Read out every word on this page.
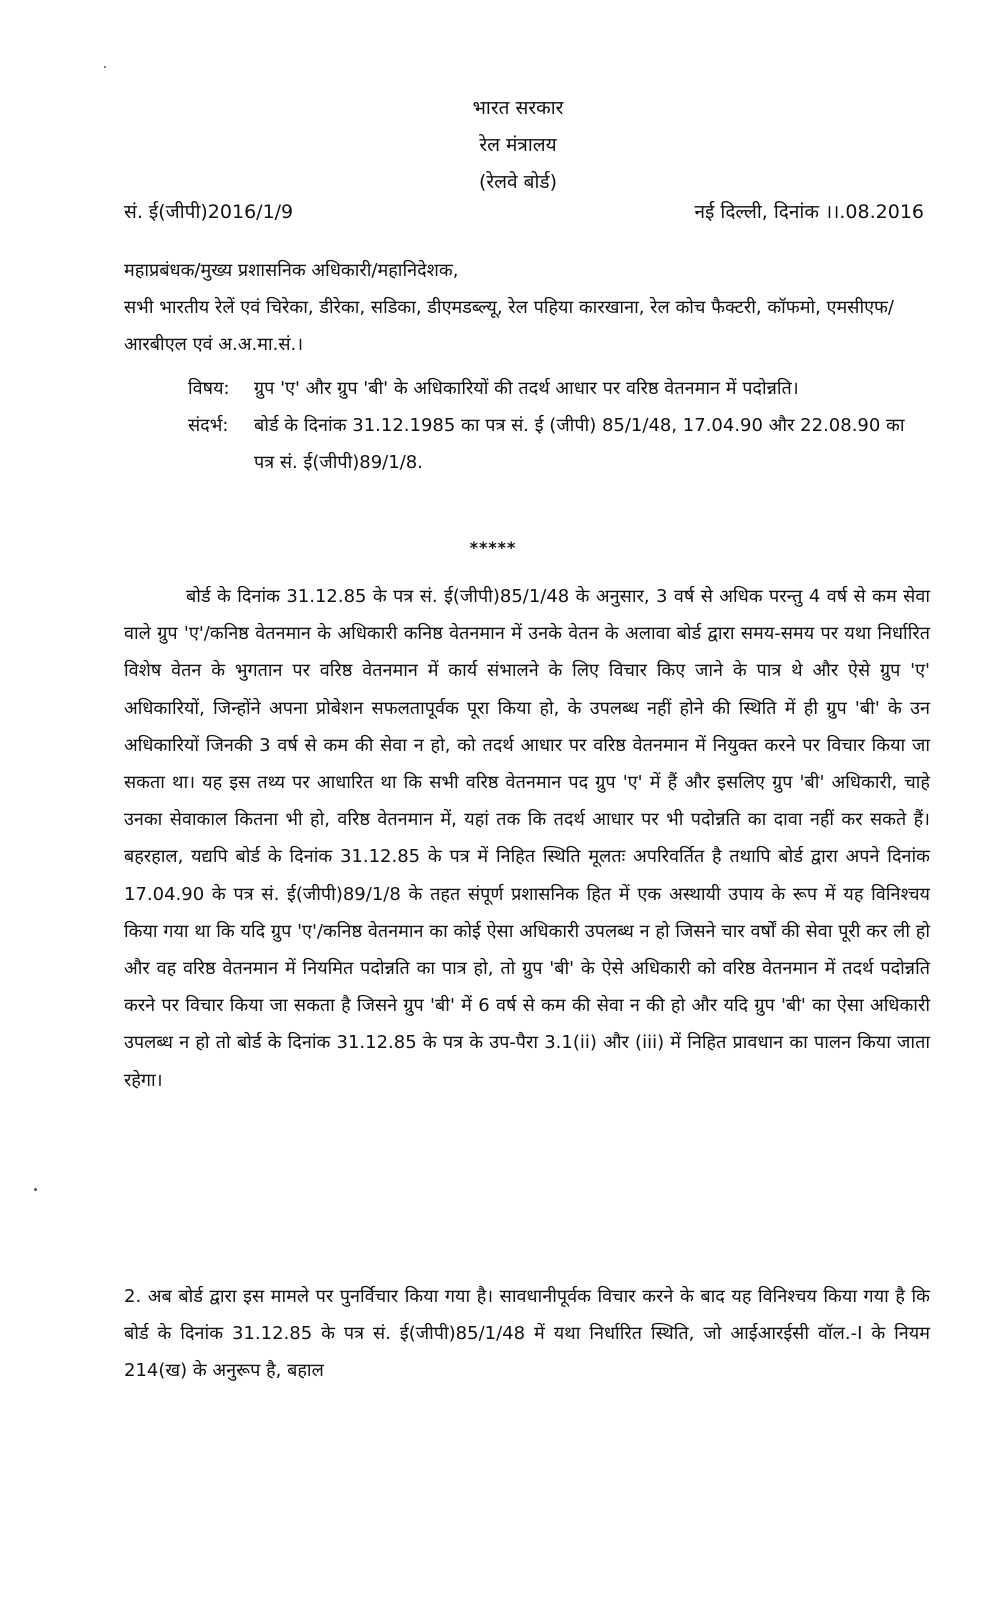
भारत सरकार
रेल मंत्रालय
(रेलवे बोर्ड)
सं. ई(जीपी)2016/1/9	नई दिल्ली, दिनांक ।।.08.2016
महाप्रबंधक/मुख्य प्रशासनिक अधिकारी/महानिदेशक,
सभी भारतीय रेलें एवं चिरेका, डीरेका, सडिका, डीएमडब्ल्यू, रेल पहिया कारखाना, रेल कोच फैक्टरी, कॉफमो, एमसीएफ/आरबीएल एवं अ.अ.मा.सं.।
विषय:	ग्रुप 'ए' और ग्रुप 'बी' के अधिकारियों की तदर्थ आधार पर वरिष्ठ वेतनमान में पदोन्नति।
संदर्भ:	बोर्ड के दिनांक 31.12.1985 का पत्र सं. ई (जीपी) 85/1/48, 17.04.90 और 22.08.90 का पत्र सं. ई(जीपी)89/1/8.
*****

बोर्ड के दिनांक 31.12.85 के पत्र सं. ई(जीपी)85/1/48 के अनुसार, 3 वर्ष से अधिक परन्तु 4 वर्ष से कम सेवा वाले ग्रुप 'ए'/कनिष्ठ वेतनमान के अधिकारी कनिष्ठ वेतनमान में उनके वेतन के अलावा बोर्ड द्वारा समय-समय पर यथा निर्धारित विशेष वेतन के भुगतान पर वरिष्ठ वेतनमान में कार्य संभालने के लिए विचार किए जाने के पात्र थे और ऐसे ग्रुप 'ए' अधिकारियों, जिन्होंने अपना प्रोबेशन सफलतापूर्वक पूरा किया हो, के उपलब्ध नहीं होने की स्थिति में ही ग्रुप 'बी' के उन अधिकारियों जिनकी 3 वर्ष से कम की सेवा न हो, को तदर्थ आधार पर वरिष्ठ वेतनमान में नियुक्त करने पर विचार किया जा सकता था। यह इस तथ्य पर आधारित था कि सभी वरिष्ठ वेतनमान पद ग्रुप 'ए' में हैं और इसलिए ग्रुप 'बी' अधिकारी, चाहे उनका सेवाकाल कितना भी हो, वरिष्ठ वेतनमान में, यहां तक कि तदर्थ आधार पर भी पदोन्नति का दावा नहीं कर सकते हैं। बहरहाल, यद्यपि बोर्ड के दिनांक 31.12.85 के पत्र में निहित स्थिति मूलतः अपरिवर्तित है तथापि बोर्ड द्वारा अपने दिनांक 17.04.90 के पत्र सं. ई(जीपी)89/1/8 के तहत संपूर्ण प्रशासनिक हित में एक अस्थायी उपाय के रूप में यह विनिश्चय किया गया था कि यदि ग्रुप 'ए'/कनिष्ठ वेतनमान का कोई ऐसा अधिकारी उपलब्ध न हो जिसने चार वर्षों की सेवा पूरी कर ली हो और वह वरिष्ठ वेतनमान में नियमित पदोन्नति का पात्र हो, तो ग्रुप 'बी' के ऐसे अधिकारी को वरिष्ठ वेतनमान में तदर्थ पदोन्नति करने पर विचार किया जा सकता है जिसने ग्रुप 'बी' में 6 वर्ष से कम की सेवा न की हो और यदि ग्रुप 'बी' का ऐसा अधिकारी उपलब्ध न हो तो बोर्ड के दिनांक 31.12.85 के पत्र के उप-पैरा 3.1(ii) और (iii) में निहित प्रावधान का पालन किया जाता रहेगा।

2. अब बोर्ड द्वारा इस मामले पर पुनर्विचार किया गया है। सावधानीपूर्वक विचार करने के बाद यह विनिश्चय किया गया है कि बोर्ड के दिनांक 31.12.85 के पत्र सं. ई(जीपी)85/1/48 में यथा निर्धारित स्थिति, जो आईआरईसी वॉल.-I के नियम 214(ख) के अनुरूप है, बहाल
